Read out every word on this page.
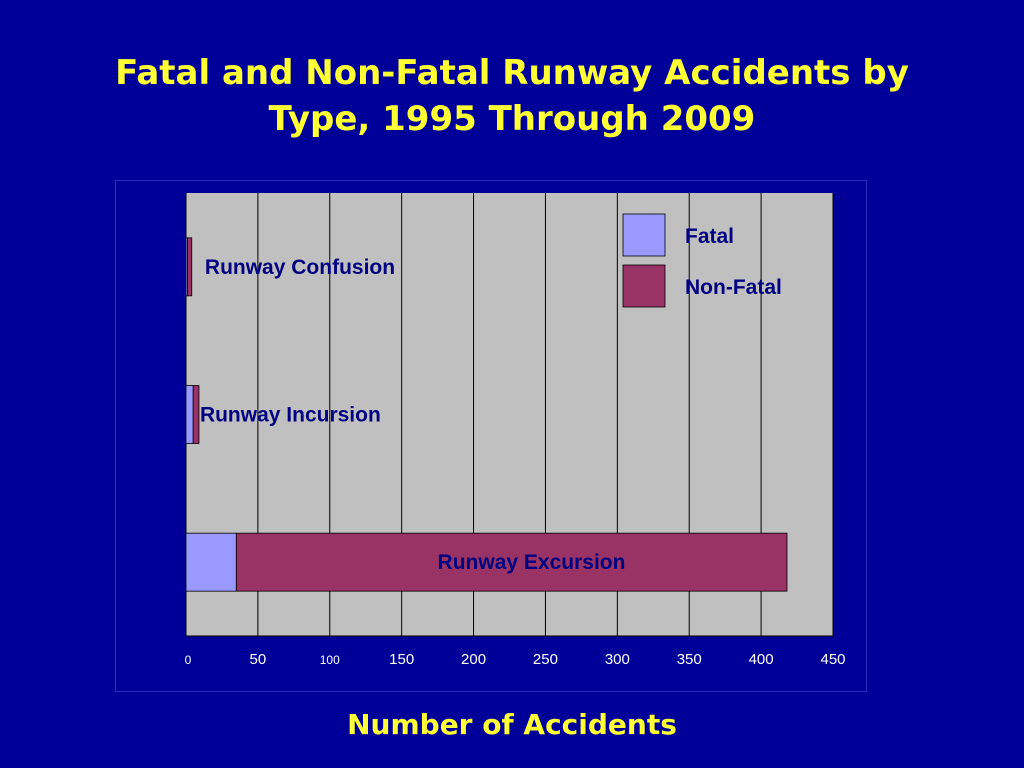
Fatal and Non-Fatal Runway Accidents by
Type, 1995 Through 2009
0	50	100	150	200	250	300	350	400	450
Runway Confusion
Runway Incursion
Runway Excursion
Fatal
Non-Fatal
Number of Accidents
